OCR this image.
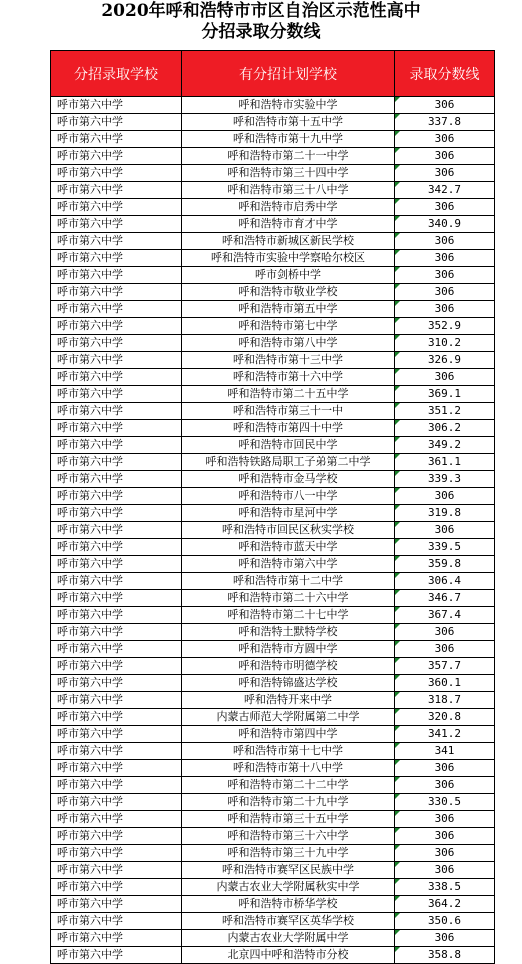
2020年呼和浩特市市区自治区示范性高中
分招录取分数线
分招录取学校	有分招计划学校	录取分数线
呼市第六中学	呼和浩特市实验中学	306
呼市第六中学	呼和浩特市第十五中学	337.8
呼市第六中学	呼和浩特市第十九中学	306
呼市第六中学	呼和浩特市第二十一中学	306
呼市第六中学	呼和浩特市第三十四中学	306
呼市第六中学	呼和浩特市第三十八中学	342.7
呼市第六中学	呼和浩特市启秀中学	306
呼市第六中学	呼和浩特市育才中学	340.9
呼市第六中学	呼和浩特市新城区新民学校	306
呼市第六中学	呼和浩特市实验中学察哈尔校区	306
呼市第六中学	呼市剑桥中学	306
呼市第六中学	呼和浩特市敬业学校	306
呼市第六中学	呼和浩特市第五中学	306
呼市第六中学	呼和浩特市第七中学	352.9
呼市第六中学	呼和浩特市第八中学	310.2
呼市第六中学	呼和浩特市第十三中学	326.9
呼市第六中学	呼和浩特市第十六中学	306
呼市第六中学	呼和浩特市第二十五中学	369.1
呼市第六中学	呼和浩特市第三十一中	351.2
呼市第六中学	呼和浩特市第四十中学	306.2
呼市第六中学	呼和浩特市回民中学	349.2
呼市第六中学	呼和浩特铁路局职工子弟第二中学	361.1
呼市第六中学	呼和浩特市金马学校	339.3
呼市第六中学	呼和浩特市八一中学	306
呼市第六中学	呼和浩特市星河中学	319.8
呼市第六中学	呼和浩特市回民区秋实学校	306
呼市第六中学	呼和浩特市蓝天中学	339.5
呼市第六中学	呼和浩特市第六中学	359.8
呼市第六中学	呼和浩特市第十二中学	306.4
呼市第六中学	呼和浩特市第二十六中学	346.7
呼市第六中学	呼和浩特市第二十七中学	367.4
呼市第六中学	呼和浩特土默特学校	306
呼市第六中学	呼和浩特市方圆中学	306
呼市第六中学	呼和浩特市明德学校	357.7
呼市第六中学	呼和浩特锦盛达学校	360.1
呼市第六中学	呼和浩特开来中学	318.7
呼市第六中学	内蒙古师范大学附属第二中学	320.8
呼市第六中学	呼和浩特市第四中学	341.2
呼市第六中学	呼和浩特市第十七中学	341
呼市第六中学	呼和浩特市第十八中学	306
呼市第六中学	呼和浩特市第二十二中学	306
呼市第六中学	呼和浩特市第二十九中学	330.5
呼市第六中学	呼和浩特市第三十五中学	306
呼市第六中学	呼和浩特市第三十六中学	306
呼市第六中学	呼和浩特市第三十九中学	306
呼市第六中学	呼和浩特市赛罕区民族中学	306
呼市第六中学	内蒙古农业大学附属秋实中学	338.5
呼市第六中学	呼和浩特市桥华学校	364.2
呼市第六中学	呼和浩特市赛罕区英华学校	350.6
呼市第六中学	内蒙古农业大学附属中学	306
呼市第六中学	北京四中呼和浩特市分校	358.8
